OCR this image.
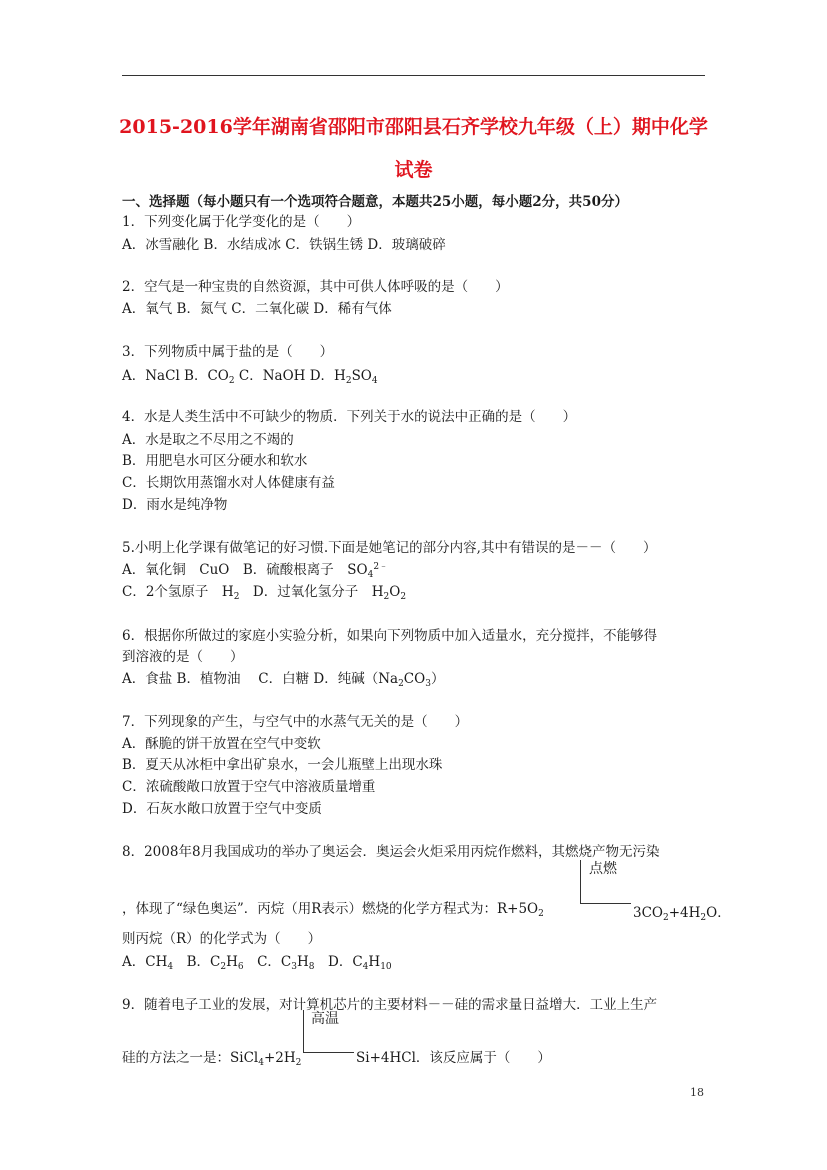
2015-2016学年湖南省邵阳市邵阳县石齐学校九年级（上）期中化学
试卷
一、选择题（每小题只有一个选项符合题意，本题共25小题，每小题2分，共50分）
1．下列变化属于化学变化的是（　　）
A．冰雪融化 B．水结成冰 C．铁锅生锈 D．玻璃破碎
2．空气是一种宝贵的自然资源，其中可供人体呼吸的是（　　）
A．氧气 B．氮气 C．二氧化碳 D．稀有气体
3．下列物质中属于盐的是（　　）
A．NaCl B．$CO_2$ C．NaOH D．$H_2SO_4$
4．水是人类生活中不可缺少的物质．下列关于水的说法中正确的是（　　）
A．水是取之不尽用之不竭的
B．用肥皂水可区分硬水和软水
C．长期饮用蒸馏水对人体健康有益
D．雨水是纯净物
5.小明上化学课有做笔记的好习惯.下面是她笔记的部分内容,其中有错误的是－－（　　）
A．氧化铜　CuO　B．硫酸根离子　$SO_4^{2﹣}$
C．2个氢原子　$H_2$　D．过氧化氢分子　$H_2O_2$
6．根据你所做过的家庭小实验分析，如果向下列物质中加入适量水，充分搅拌，不能够得
到溶液的是（　　）
A．食盐 B．植物油　 C．白糖 D．纯碱$(Na_2CO_3)$
7．下列现象的产生，与空气中的水蒸气无关的是（　　）
A．酥脆的饼干放置在空气中变软
B．夏天从冰柜中拿出矿泉水，一会儿瓶壁上出现水珠
C．浓硫酸敞口放置于空气中溶液质量增重
D．石灰水敞口放置于空气中变质
8．2008年8月我国成功的举办了奥运会．奥运会火炬采用丙烷作燃料，其燃烧产物无污染
点燃
，体现了“绿色奥运”．丙烷（用R表示）燃烧的化学方程式为：$R+5O_2$	$3CO_2+4H_2O$．
则丙烷（R）的化学式为（　　）
A．$CH_4$　B．$C_2H_6$　C．$C_3H_8$　D．$C_4H_{10}$
9．随着电子工业的发展，对计算机芯片的主要材料－－硅的需求量日益增大．工业上生产
高温
硅的方法之一是：$SiCl_4+2H_2$	Si+4HCl．该反应属于（　　）
18
